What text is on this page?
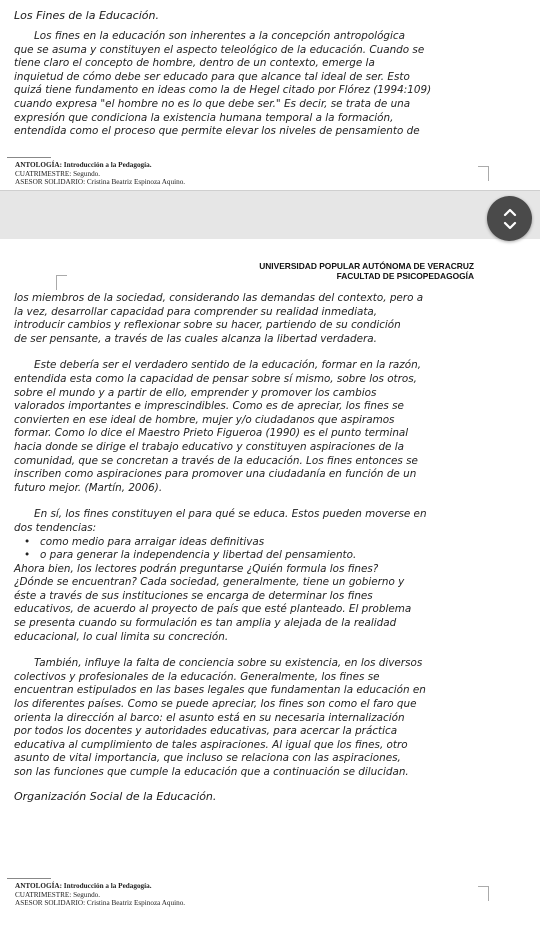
Los Fines de la Educación.
Los fines en la educación son inherentes a la concepción antropológica
que se asuma y constituyen el aspecto teleológico de la educación. Cuando se
tiene claro el concepto de hombre, dentro de un contexto, emerge la
inquietud de cómo debe ser educado para que alcance tal ideal de ser. Esto
quizá tiene fundamento en ideas como la de Hegel citado por Flórez (1994:109)
cuando expresa "el hombre no es lo que debe ser." Es decir, se trata de una
expresión que condiciona la existencia humana temporal a la formación,
entendida como el proceso que permite elevar los niveles de pensamiento de
ANTOLOGÍA: Introducción a la Pedagogía.
CUATRIMESTRE: Segundo.
ASESOR SOLIDARIO: Cristina Beatriz Espinoza Aquino.
UNIVERSIDAD POPULAR AUTÓNOMA DE VERACRUZ
FACULTAD DE PSICOPEDAGOGÍA
los miembros de la sociedad, considerando las demandas del contexto, pero a
la vez, desarrollar capacidad para comprender su realidad inmediata,
introducir cambios y reflexionar sobre su hacer, partiendo de su condición
de ser pensante, a través de las cuales alcanza la libertad verdadera.
Este debería ser el verdadero sentido de la educación, formar en la razón,
entendida esta como la capacidad de pensar sobre sí mismo, sobre los otros,
sobre el mundo y a partir de ello, emprender y promover los cambios
valorados importantes e imprescindibles. Como es de apreciar, los fines se
convierten en ese ideal de hombre, mujer y/o ciudadanos que aspiramos
formar. Como lo dice el Maestro Prieto Figueroa (1990) es el punto terminal
hacia donde se dirige el trabajo educativo y constituyen aspiraciones de la
comunidad, que se concretan a través de la educación. Los fines entonces se
inscriben como aspiraciones para promover una ciudadanía en función de un
futuro mejor. (Martín, 2006).
En sí, los fines constituyen el para qué se educa. Estos pueden moverse en
dos tendencias:
• como medio para arraigar ideas definitivas
• o para generar la independencia y libertad del pensamiento.
Ahora bien, los lectores podrán preguntarse ¿Quién formula los fines?
¿Dónde se encuentran? Cada sociedad, generalmente, tiene un gobierno y
éste a través de sus instituciones se encarga de determinar los fines
educativos, de acuerdo al proyecto de país que esté planteado. El problema
se presenta cuando su formulación es tan amplia y alejada de la realidad
educacional, lo cual limita su concreción.
También, influye la falta de conciencia sobre su existencia, en los diversos
colectivos y profesionales de la educación. Generalmente, los fines se
encuentran estipulados en las bases legales que fundamentan la educación en
los diferentes países. Como se puede apreciar, los fines son como el faro que
orienta la dirección al barco: el asunto está en su necesaria internalización
por todos los docentes y autoridades educativas, para acercar la práctica
educativa al cumplimiento de tales aspiraciones. Al igual que los fines, otro
asunto de vital importancia, que incluso se relaciona con las aspiraciones,
son las funciones que cumple la educación que a continuación se dilucidan.
Organización Social de la Educación.
ANTOLOGÍA: Introducción a la Pedagogía.
CUATRIMESTRE: Segundo.
ASESOR SOLIDARIO: Cristina Beatriz Espinoza Aquino.
